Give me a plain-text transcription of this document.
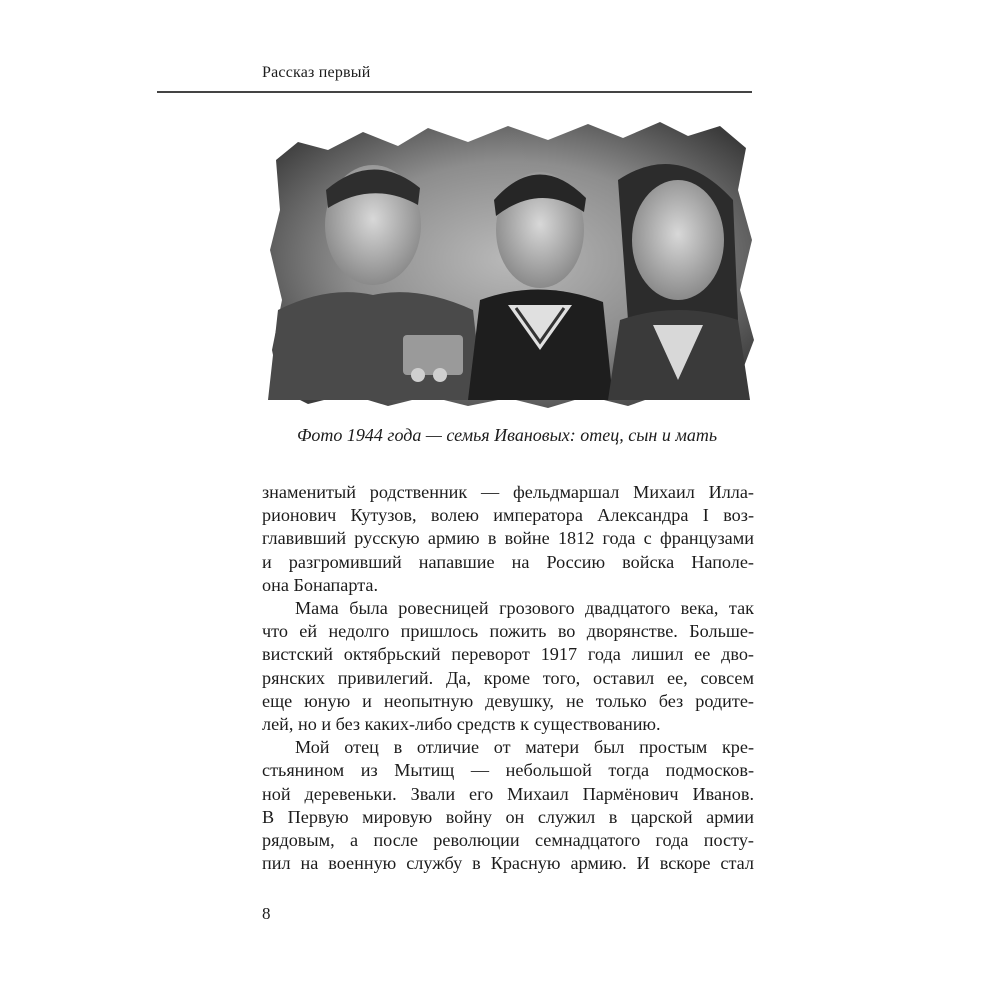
Рассказ первый
Фото 1944 года — семья Ивановых: отец, сын и мать
знаменитый родственник — фельдмаршал Михаил Илла-
рионович Кутузов, волею императора Александра I воз-
главивший русскую армию в войне 1812 года с французами
и разгромивший напавшие на Россию войска Наполе-
она Бонапарта.
Мама была ровесницей грозового двадцатого века, так
что ей недолго пришлось пожить во дворянстве. Больше-
вистский октябрьский переворот 1917 года лишил ее дво-
рянских привилегий. Да, кроме того, оставил ее, совсем
еще юную и неопытную девушку, не только без родите-
лей, но и без каких-либо средств к существованию.
Мой отец в отличие от матери был простым кре-
стьянином из Мытищ — небольшой тогда подмосков-
ной деревеньки. Звали его Михаил Пармёнович Иванов.
В Первую мировую войну он служил в царской армии
рядовым, а после революции семнадцатого года посту-
пил на военную службу в Красную армию. И вскоре стал
8
